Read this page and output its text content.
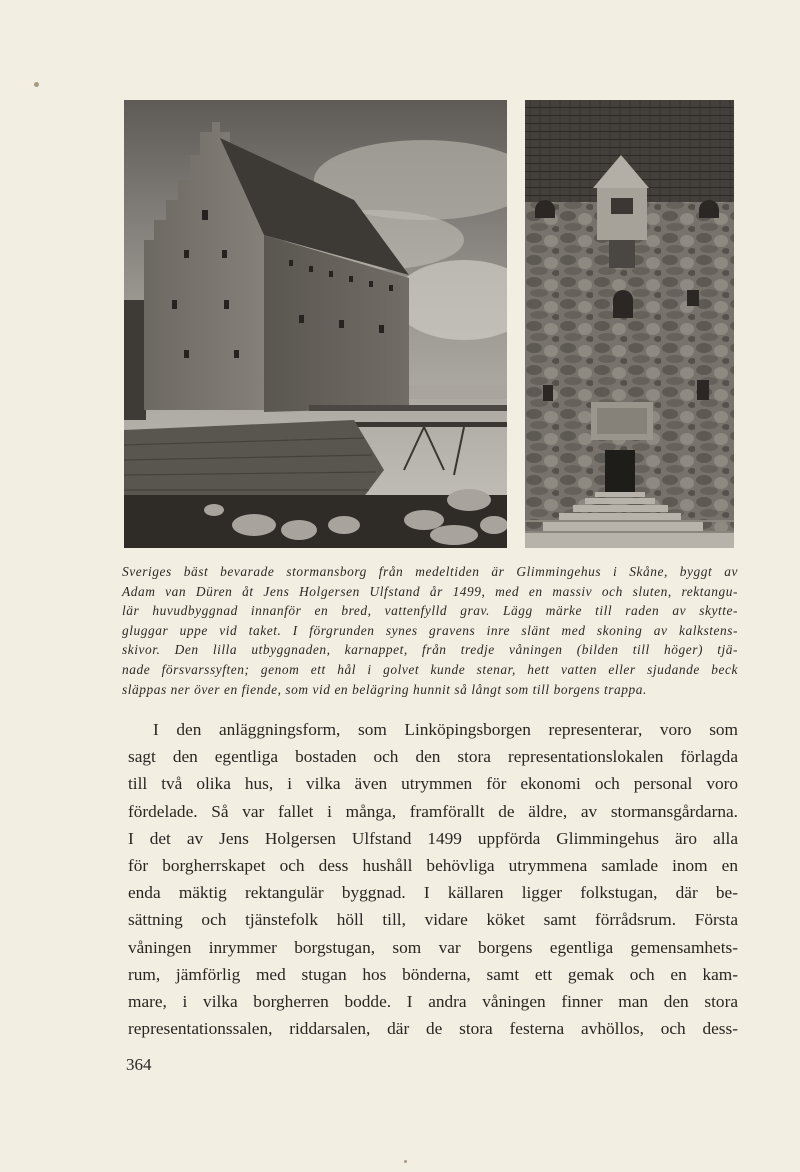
Sveriges bäst bevarade stormansborg från medeltiden är Glimmingehus i Skåne, byggt av
Adam van Düren åt Jens Holgersen Ulfstand år 1499, med en massiv och sluten, rektangu-
lär huvudbyggnad innanför en bred, vattenfylld grav. Lägg märke till raden av skytte-
gluggar uppe vid taket. I förgrunden synes gravens inre slänt med skoning av kalkstens-
skivor. Den lilla utbyggnaden, karnappet, från tredje våningen (bilden till höger) tjä-
nade försvarssyften; genom ett hål i golvet kunde stenar, hett vatten eller sjudande beck
släppas ner över en fiende, som vid en belägring hunnit så långt som till borgens trappa.
I den anläggningsform, som Linköpingsborgen representerar, voro som
sagt den egentliga bostaden och den stora representationslokalen förlagda
till två olika hus, i vilka även utrymmen för ekonomi och personal voro
fördelade. Så var fallet i många, framförallt de äldre, av stormansgårdarna.
I det av Jens Holgersen Ulfstand 1499 uppförda Glimmingehus äro alla
för borgherrskapet och dess hushåll behövliga utrymmena samlade inom en
enda mäktig rektangulär byggnad. I källaren ligger folkstugan, där be-
sättning och tjänstefolk höll till, vidare köket samt förrådsrum. Första
våningen inrymmer borgstugan, som var borgens egentliga gemensamhets-
rum, jämförlig med stugan hos bönderna, samt ett gemak och en kam-
mare, i vilka borgherren bodde. I andra våningen finner man den stora
representationssalen, riddarsalen, där de stora festerna avhöllos, och dess-
364
